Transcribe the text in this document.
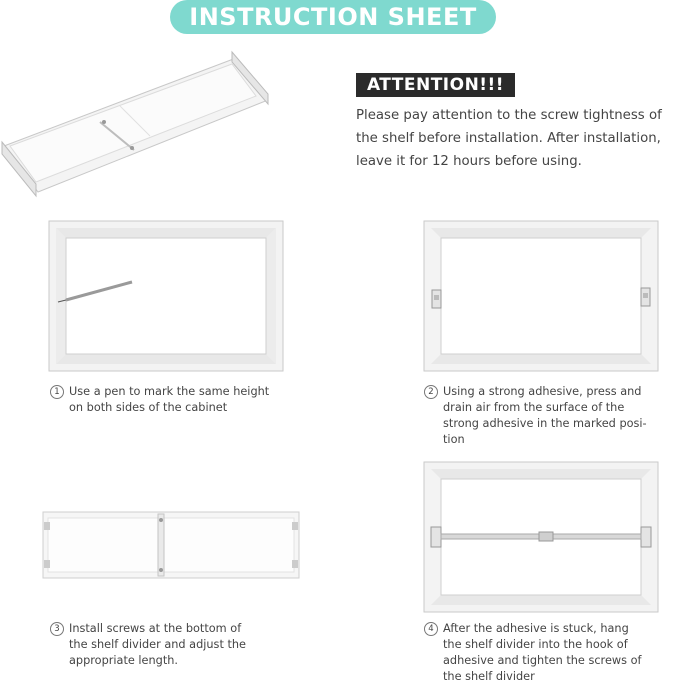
INSTRUCTION SHEET
ATTENTION!!!
Please pay attention to the screw tightness of
the shelf before installation. After installation,
leave it for 12 hours before using.
1 Use a pen to mark the same height
on both sides of the cabinet
2 Using a strong adhesive, press and
drain air from the surface of the
strong adhesive in the marked posi-
tion
3 Install screws at the bottom of
the shelf divider and adjust the
appropriate length.
4 After the adhesive is stuck, hang
the shelf divider into the hook of
adhesive and tighten the screws of
the shelf divider
